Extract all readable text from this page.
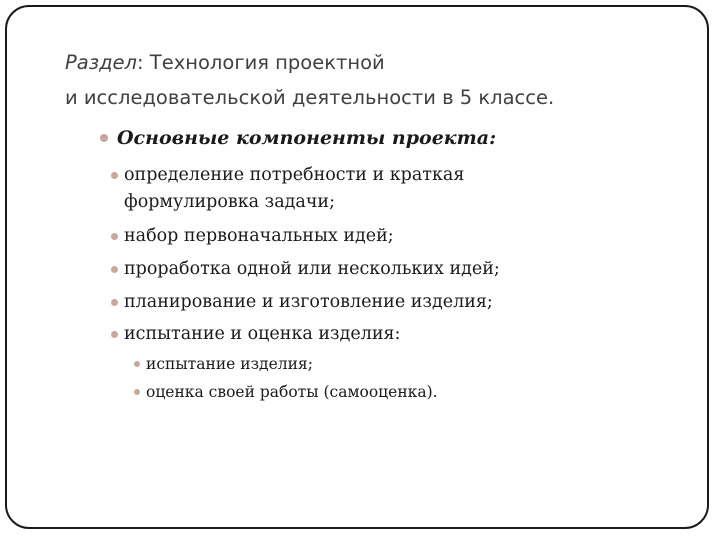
Раздел: Технология проектной
и исследовательской деятельности в 5 классе.
Основные компоненты проекта:
определение потребности и краткая
формулировка задачи;
набор первоначальных идей;
проработка одной или нескольких идей;
планирование и изготовление изделия;
испытание и оценка изделия:
испытание изделия;
оценка своей работы (самооценка).
